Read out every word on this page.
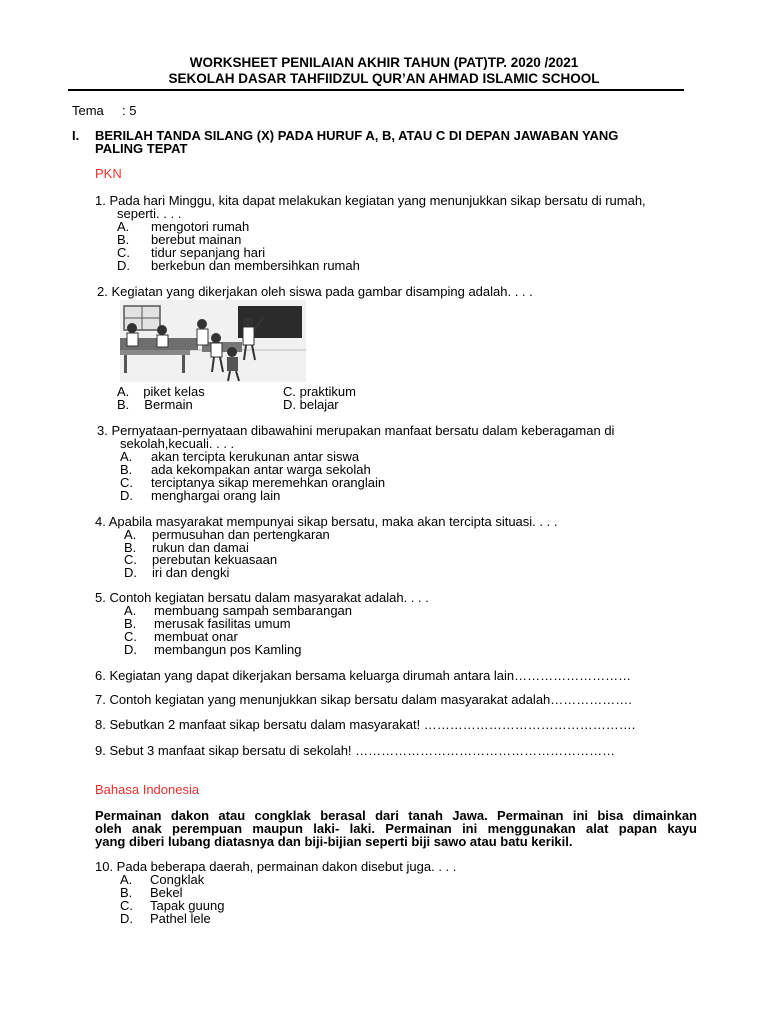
WORKSHEET PENILAIAN AKHIR TAHUN (PAT)TP. 2020 /2021
SEKOLAH DASAR TAHFIIDZUL QUR’AN AHMAD ISLAMIC SCHOOL
Tema : 5
I. BERILAH TANDA SILANG (X) PADA HURUF A, B, ATAU C DI DEPAN JAWABAN YANG
PALING TEPAT
PKN
1. Pada hari Minggu, kita dapat melakukan kegiatan yang menunjukkan sikap bersatu di rumah,
seperti. . . .
A. mengotori rumah
B. berebut mainan
C. tidur sepanjang hari
D. berkebun dan membersihkan rumah
2. Kegiatan yang dikerjakan oleh siswa pada gambar disamping adalah. . . .
A. piket kelas
B. Bermain
C. praktikum
D. belajar
3. Pernyataan-pernyataan dibawahini merupakan manfaat bersatu dalam keberagaman di
sekolah,kecuali. . . .
A. akan tercipta kerukunan antar siswa
B. ada kekompakan antar warga sekolah
C. terciptanya sikap meremehkan oranglain
D. menghargai orang lain
4. Apabila masyarakat mempunyai sikap bersatu, maka akan tercipta situasi. . . .
A. permusuhan dan pertengkaran
B. rukun dan damai
C. perebutan kekuasaan
D. iri dan dengki
5. Contoh kegiatan bersatu dalam masyarakat adalah. . . .
A. membuang sampah sembarangan
B. merusak fasilitas umum
C. membuat onar
D. membangun pos Kamling
6. Kegiatan yang dapat dikerjakan bersama keluarga dirumah antara lain………………………
7. Contoh kegiatan yang menunjukkan sikap bersatu dalam masyarakat adalah……………….
8. Sebutkan 2 manfaat sikap bersatu dalam masyarakat! ………………………………………….
9. Sebut 3 manfaat sikap bersatu di sekolah! ……………………………………………………
Bahasa Indonesia
Permainan dakon atau congklak berasal dari tanah Jawa. Permainan ini bisa dimainkan
oleh anak perempuan maupun laki- laki. Permainan ini menggunakan alat papan kayu
yang diberi lubang diatasnya dan biji-bijian seperti biji sawo atau batu kerikil.
10. Pada beberapa daerah, permainan dakon disebut juga. . . .
A. Congklak
B. Bekel
C. Tapak guung
D. Pathel lele
